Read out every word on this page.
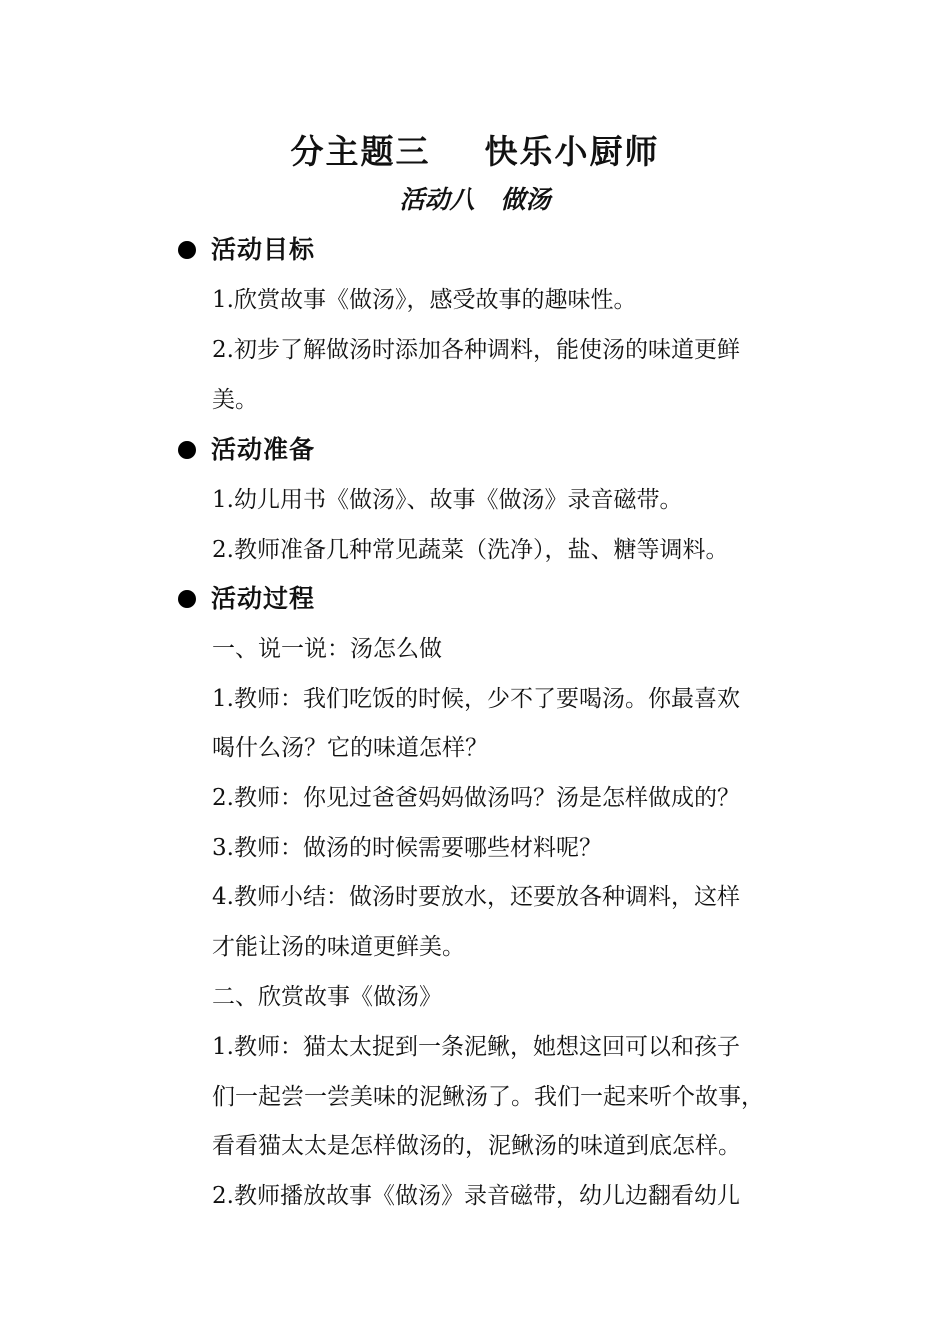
分主题三    快乐小厨师
活动八   做汤
活动目标
1.欣赏故事《做汤》，感受故事的趣味性。
2.初步了解做汤时添加各种调料，能使汤的味道更鲜
美。
活动准备
1.幼儿用书《做汤》、故事《做汤》录音磁带。
2.教师准备几种常见蔬菜（洗净），盐、糖等调料。
活动过程
一、说一说：汤怎么做
1.教师：我们吃饭的时候，少不了要喝汤。你最喜欢
喝什么汤？它的味道怎样？
2.教师：你见过爸爸妈妈做汤吗？汤是怎样做成的？
3.教师：做汤的时候需要哪些材料呢？
4.教师小结：做汤时要放水，还要放各种调料，这样
才能让汤的味道更鲜美。
二、欣赏故事《做汤》
1.教师：猫太太捉到一条泥鳅，她想这回可以和孩子
们一起尝一尝美味的泥鳅汤了。我们一起来听个故事，
看看猫太太是怎样做汤的，泥鳅汤的味道到底怎样。
2.教师播放故事《做汤》录音磁带，幼儿边翻看幼儿
